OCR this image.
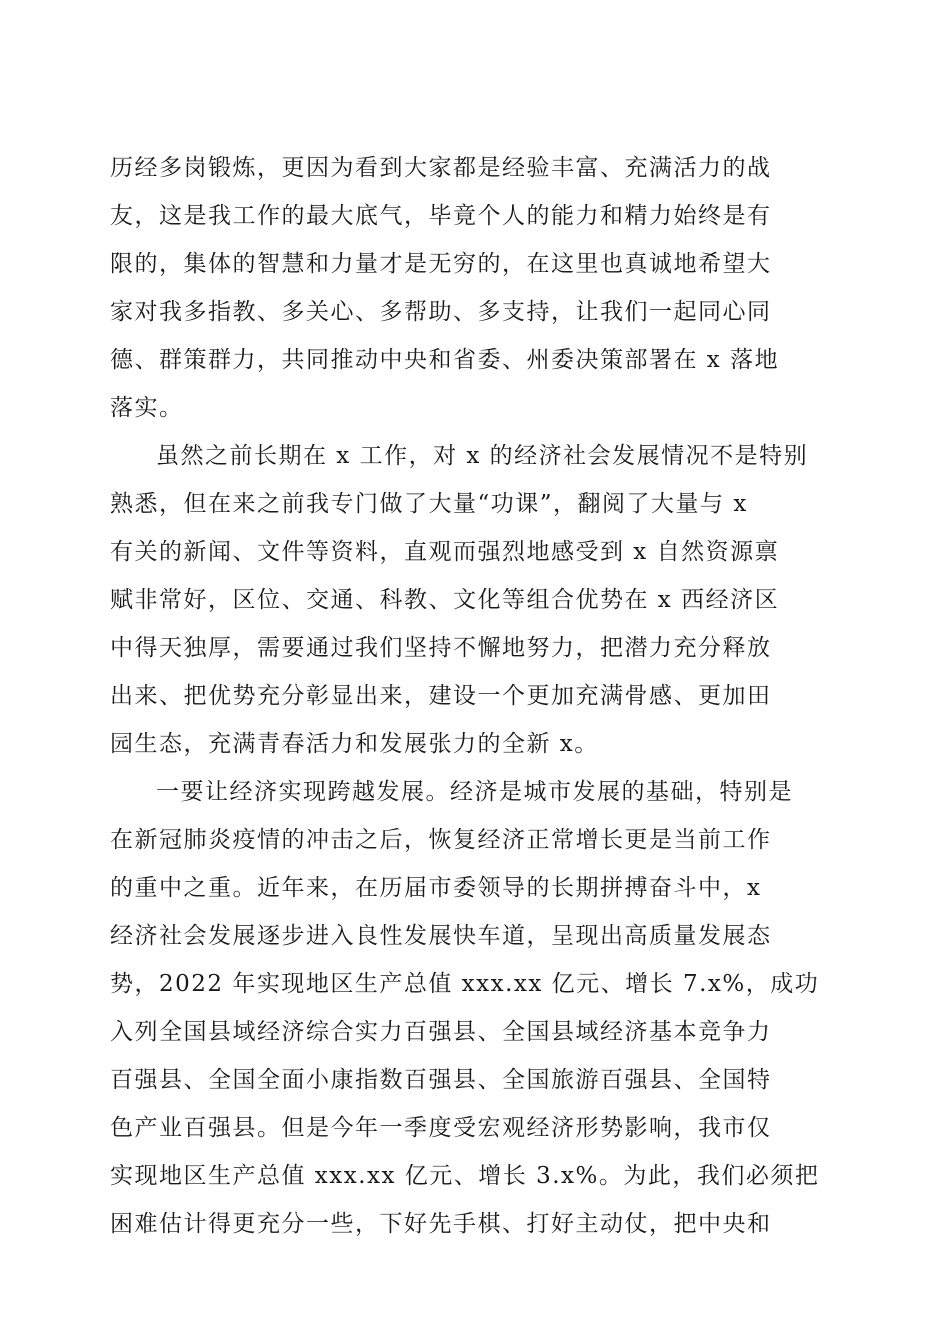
历经多岗锻炼，更因为看到大家都是经验丰富、充满活力的战
友，这是我工作的最大底气，毕竟个人的能力和精力始终是有
限的，集体的智慧和力量才是无穷的，在这里也真诚地希望大
家对我多指教、多关心、多帮助、多支持，让我们一起同心同
德、群策群力，共同推动中央和省委、州委决策部署在 x 落地
落实。
虽然之前长期在 x 工作，对 x 的经济社会发展情况不是特别
熟悉，但在来之前我专门做了大量“功课”，翻阅了大量与 x
有关的新闻、文件等资料，直观而强烈地感受到 x 自然资源禀
赋非常好，区位、交通、科教、文化等组合优势在 x 西经济区
中得天独厚，需要通过我们坚持不懈地努力，把潜力充分释放
出来、把优势充分彰显出来，建设一个更加充满骨感、更加田
园生态，充满青春活力和发展张力的全新 x。
一要让经济实现跨越发展。经济是城市发展的基础，特别是
在新冠肺炎疫情的冲击之后，恢复经济正常增长更是当前工作
的重中之重。近年来，在历届市委领导的长期拼搏奋斗中，x
经济社会发展逐步进入良性发展快车道，呈现出高质量发展态
势，2022 年实现地区生产总值 xxx.xx 亿元、增长 7.x%，成功
入列全国县域经济综合实力百强县、全国县域经济基本竞争力
百强县、全国全面小康指数百强县、全国旅游百强县、全国特
色产业百强县。但是今年一季度受宏观经济形势影响，我市仅
实现地区生产总值 xxx.xx 亿元、增长 3.x%。为此，我们必须把
困难估计得更充分一些，下好先手棋、打好主动仗，把中央和
